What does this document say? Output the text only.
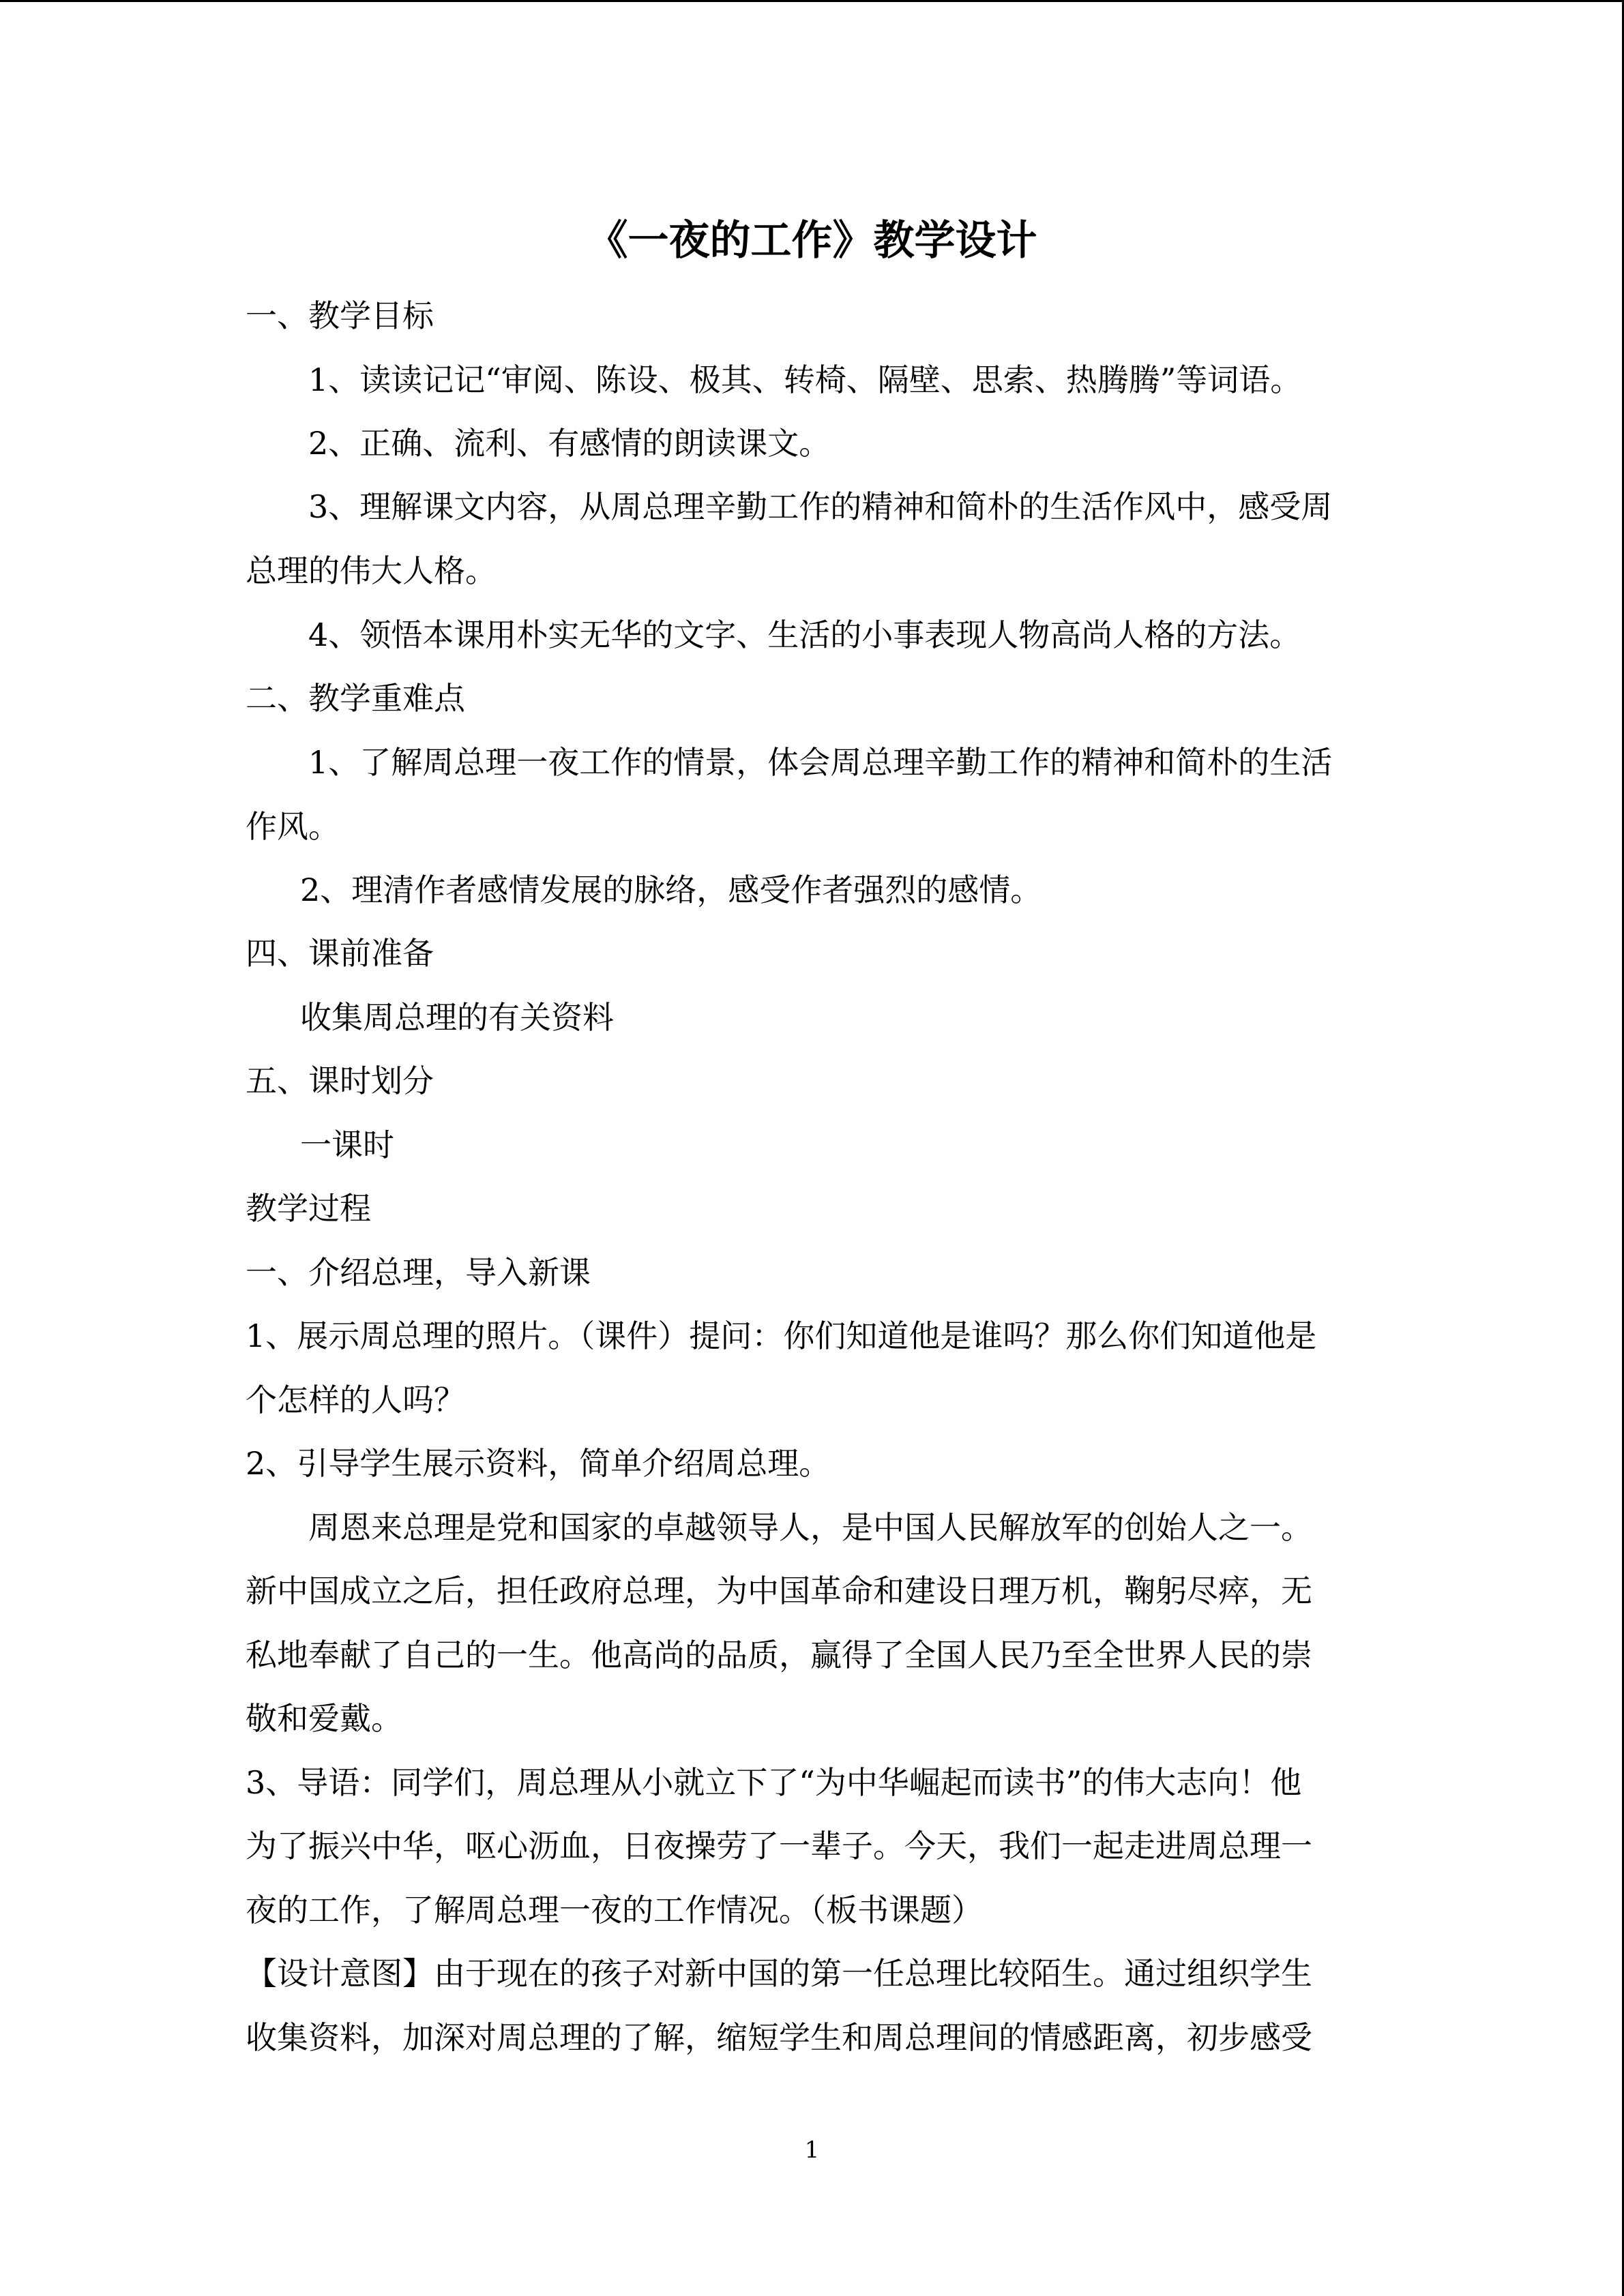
《一夜的工作》教学设计
一、教学目标
1、读读记记“审阅、陈设、极其、转椅、隔壁、思索、热腾腾”等词语。
2、正确、流利、有感情的朗读课文。
3、理解课文内容，从周总理辛勤工作的精神和简朴的生活作风中，感受周
总理的伟大人格。
4、领悟本课用朴实无华的文字、生活的小事表现人物高尚人格的方法。
二、教学重难点
1、了解周总理一夜工作的情景，体会周总理辛勤工作的精神和简朴的生活
作风。
2、理清作者感情发展的脉络，感受作者强烈的感情。
四、课前准备
收集周总理的有关资料
五、课时划分
一课时
教学过程
一、介绍总理，导入新课
1、展示周总理的照片。（课件）提问：你们知道他是谁吗？那么你们知道他是
个怎样的人吗？
2、引导学生展示资料，简单介绍周总理。
周恩来总理是党和国家的卓越领导人，是中国人民解放军的创始人之一。
新中国成立之后，担任政府总理，为中国革命和建设日理万机，鞠躬尽瘁，无
私地奉献了自己的一生。他高尚的品质，赢得了全国人民乃至全世界人民的崇
敬和爱戴。
3、导语：同学们，周总理从小就立下了“为中华崛起而读书”的伟大志向！他
为了振兴中华，呕心沥血，日夜操劳了一辈子。今天，我们一起走进周总理一
夜的工作，了解周总理一夜的工作情况。（板书课题）
【设计意图】由于现在的孩子对新中国的第一任总理比较陌生。通过组织学生
收集资料，加深对周总理的了解，缩短学生和周总理间的情感距离，初步感受
1
